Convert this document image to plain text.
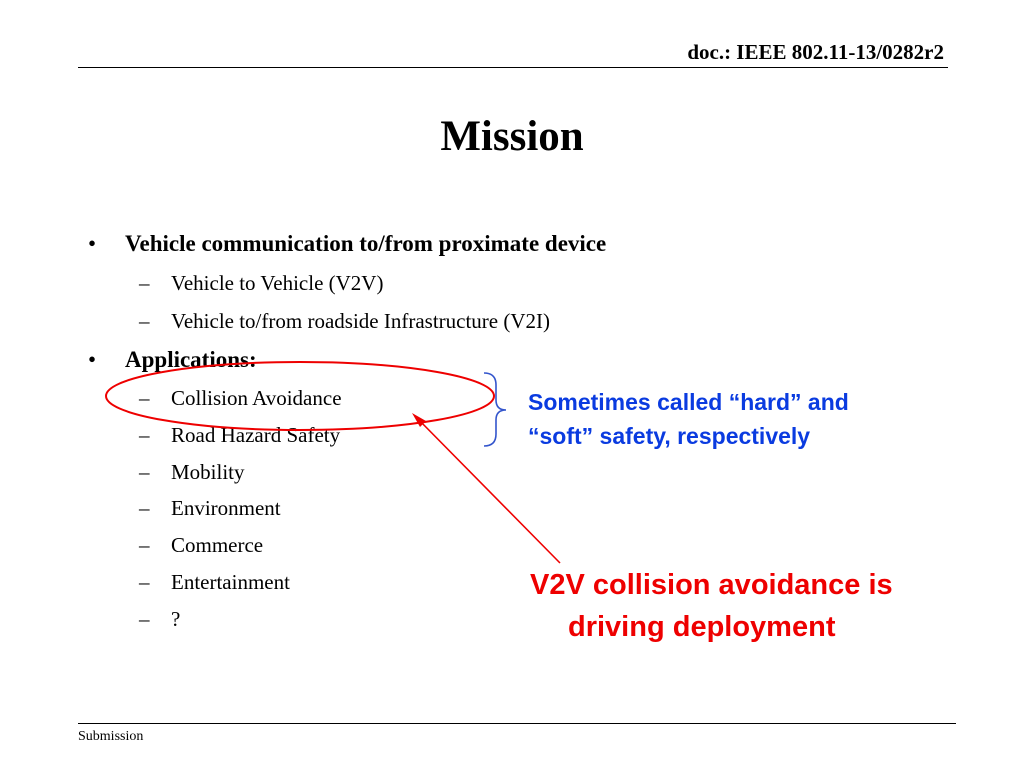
doc.: IEEE 802.11-13/0282r2
Mission
• Vehicle communication to/from proximate device
– Vehicle to Vehicle (V2V)
– Vehicle to/from roadside Infrastructure (V2I)
• Applications:
– Collision Avoidance
– Road Hazard Safety
– Mobility
– Environment
– Commerce
– Entertainment
– ?
Sometimes called “hard” and
“soft” safety, respectively
V2V collision avoidance is
driving deployment
Submission
